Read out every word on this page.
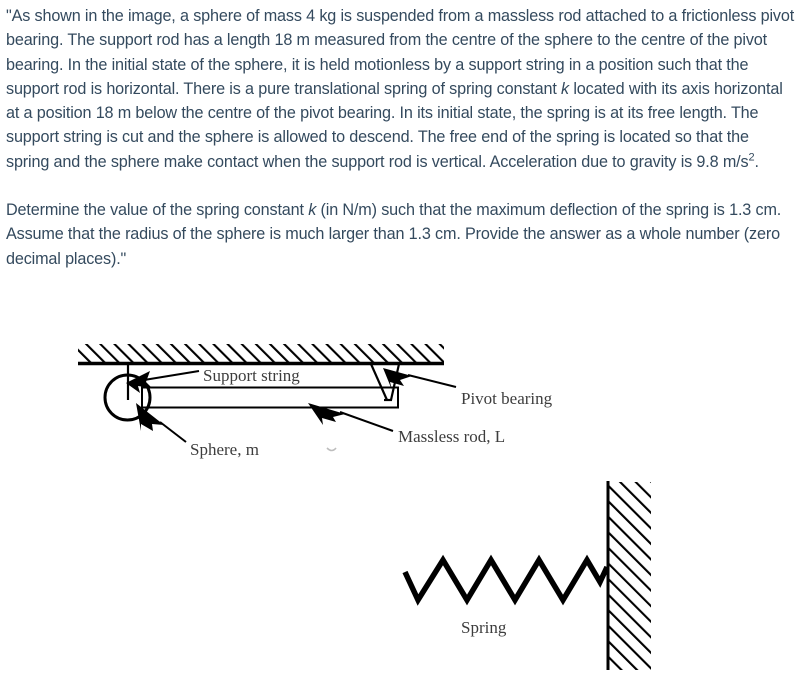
"As shown in the image, a sphere of mass 4 kg is suspended from a massless rod attached to a frictionless pivot bearing. The support rod has a length 18 m measured from the centre of the sphere to the centre of the pivot bearing. In the initial state of the sphere, it is held motionless by a support string in a position such that the support rod is horizontal. There is a pure translational spring of spring constant k located with its axis horizontal at a position 18 m below the centre of the pivot bearing. In its initial state, the spring is at its free length. The support string is cut and the sphere is allowed to descend. The free end of the spring is located so that the spring and the sphere make contact when the support rod is vertical. Acceleration due to gravity is 9.8 $m/s^2$.

Determine the value of the spring constant k (in N/m) such that the maximum deflection of the spring is 1.3 cm. Assume that the radius of the sphere is much larger than 1.3 cm. Provide the answer as a whole number (zero decimal places)."

Support string
Pivot bearing
Massless rod, L
Sphere, m
Spring
